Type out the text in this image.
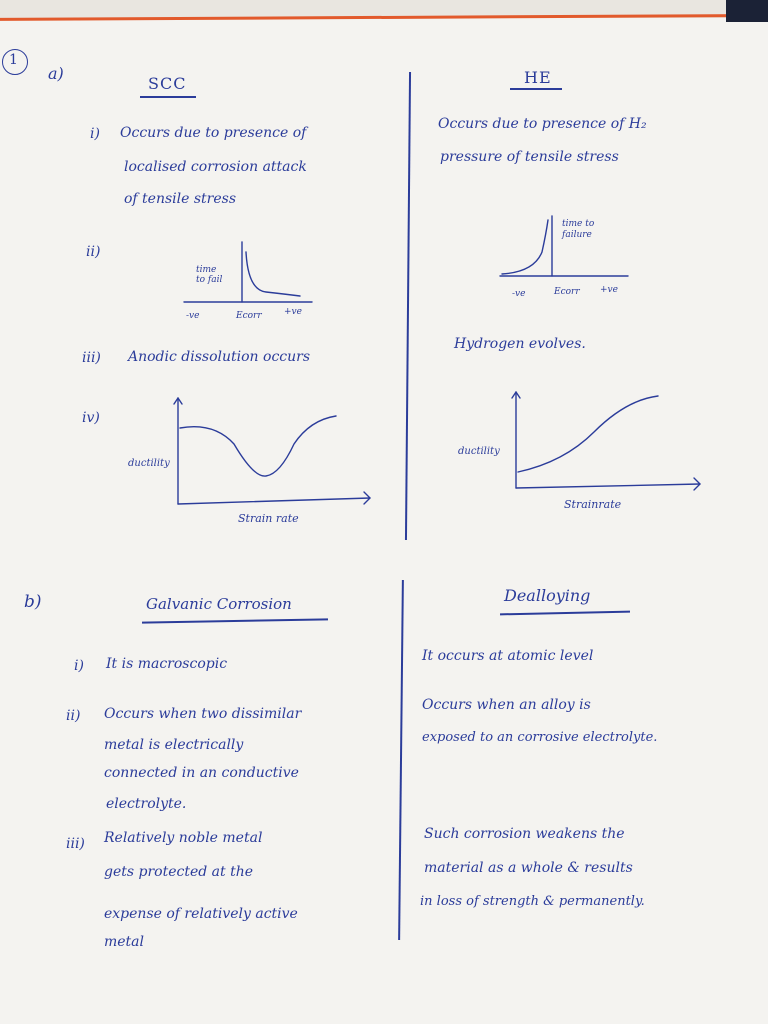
1
a)
SCC
i) Occurs due to presence of
localised corrosion attack
of tensile stress
ii)
time
to fail
-ve	Ecorr +ve
iii) Anodic dissolution occurs
iv)
ductility
Strain rate
HE
Occurs due to presence of H₂
pressure of tensile stress
time to
failure
-ve	Ecorr +ve
Hydrogen evolves.
ductility
Strainrate
b)	Galvanic Corrosion
i) It is macroscopic
ii) Occurs when two dissimilar
metal is electrically
connected in an conductive
electrolyte.
iii) Relatively noble metal
gets protected at the
expense of relatively active
metal
Dealloying
It occurs at atomic level
Occurs when an alloy is
exposed to an corrosive electrolyte.
Such corrosion weakens the
material as a whole & results
in loss of strength & permanently.
